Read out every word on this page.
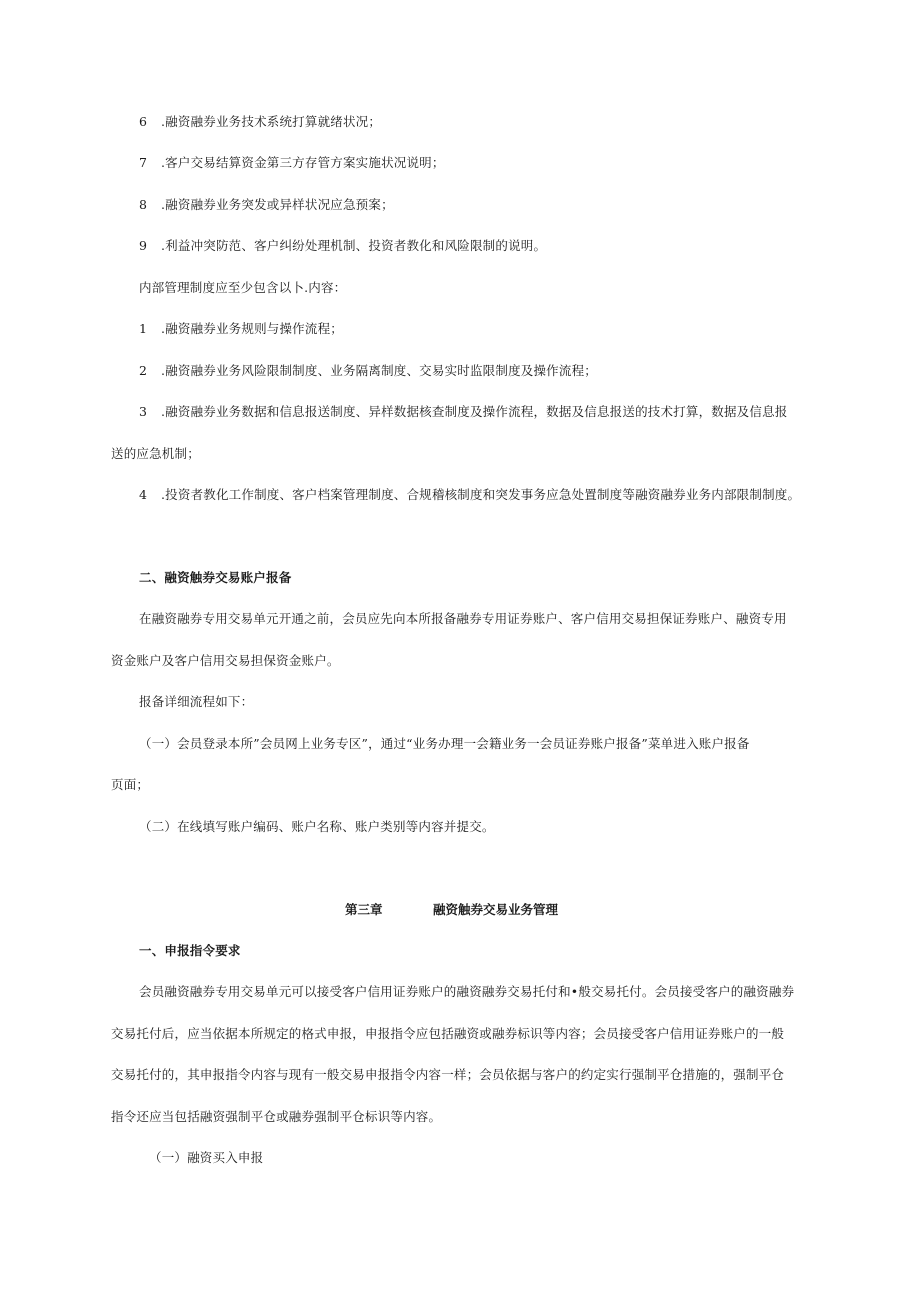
6 .融资融券业务技术系统打算就绪状况；
7 .客户交易结算资金第三方存管方案实施状况说明；
8 .融资融券业务突发或异样状况应急预案；
9 .利益冲突防范、客户纠纷处理机制、投资者教化和风险限制的说明。
内部管理制度应至少包含以卜.内容：
1 .融资融券业务规则与操作流程；
2 .融资融券业务风险限制制度、业务隔离制度、交易实时监限制度及操作流程；
3 .融资融券业务数据和信息报送制度、异样数据核查制度及操作流程，数据及信息报送的技术打算，数据及信息报
送的应急机制；
4 .投资者教化工作制度、客户档案管理制度、合规稽核制度和突发事务应急处置制度等融资融券业务内部限制制度。
二、融资触券交易账户报备
在融资融券专用交易单元开通之前，会员应先向本所报备融券专用证券账户、客户信用交易担保证券账户、融资专用
资金账户及客户信用交易担保资金账户。
报备详细流程如下：
（一）会员登录本所”会员网上业务专区”，通过“业务办理一会籍业务一会员证券账户报备”菜单进入账户报备
页面；
（二）在线填写账户编码、账户名称、账户类别等内容并提交。
第三章	融资触券交易业务管理
一、申报指令要求
会员融资融券专用交易单元可以接受客户信用证券账户的融资融券交易托付和•般交易托付。会员接受客户的融资融券
交易托付后，应当依据本所规定的格式申报，申报指令应包括融资或融券标识等内容；会员接受客户信用证券账户的一般
交易托付的，其申报指令内容与现有一般交易申报指令内容一样；会员依据与客户的约定实行强制平仓措施的，强制平仓
指令还应当包括融资强制平仓或融券强制平仓标识等内容。
（一）融资买入申报
